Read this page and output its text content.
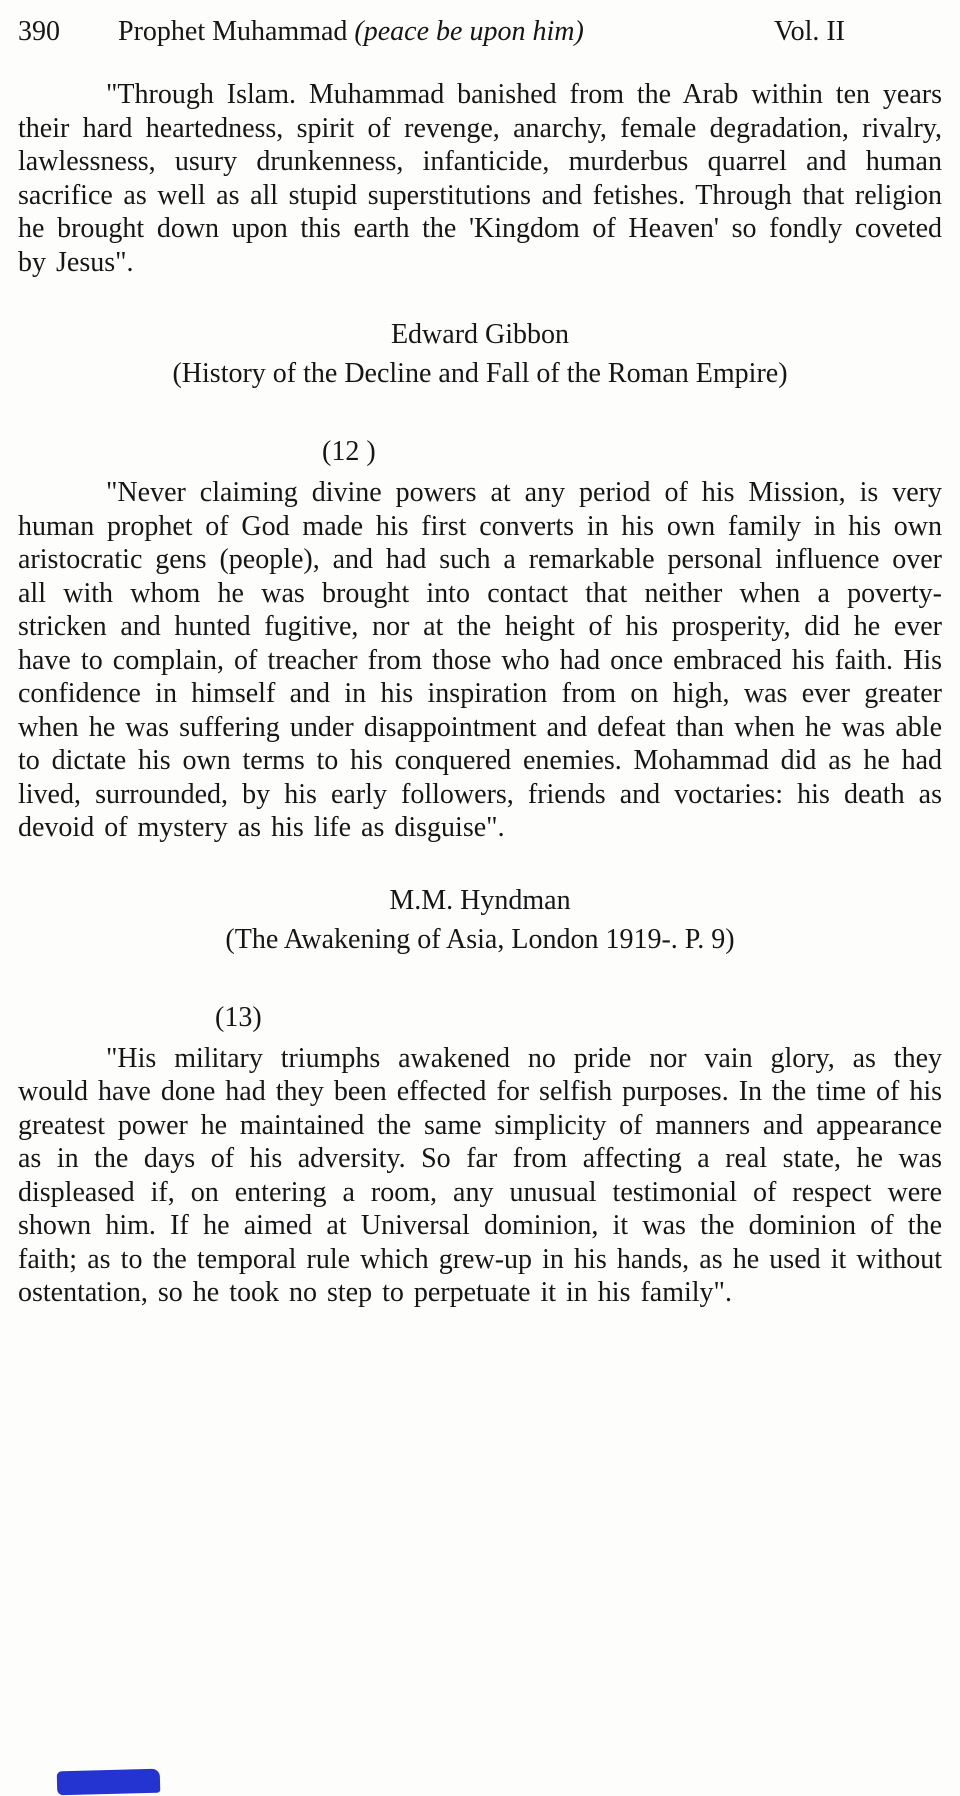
390	Prophet Muhammad (peace be upon him)	Vol. II

"Through Islam. Muhammad banished from the Arab within ten years their hard heartedness, spirit of revenge, anarchy, female degradation, rivalry, lawlessness, usury drunkenness, infanticide, murderbus quarrel and human sacrifice as well as all stupid superstitutions and fetishes. Through that religion he brought down upon this earth the 'Kingdom of Heaven' so fondly coveted by Jesus".

Edward Gibbon
(History of the Decline and Fall of the Roman Empire)
(12 )

"Never claiming divine powers at any period of his Mission, is very human prophet of God made his first converts in his own family in his own aristocratic gens (people), and had such a remarkable personal influence over all with whom he was brought into contact that neither when a poverty-stricken and hunted fugitive, nor at the height of his prosperity, did he ever have to complain, of treacher from those who had once embraced his faith. His confidence in himself and in his inspiration from on high, was ever greater when he was suffering under disappointment and defeat than when he was able to dictate his own terms to his conquered enemies. Mohammad did as he had lived, surrounded, by his early followers, friends and voctaries: his death as devoid of mystery as his life as disguise".

M.M. Hyndman
(The Awakening of Asia, London 1919-. P. 9)
(13)

"His military triumphs awakened no pride nor vain glory, as they would have done had they been effected for selfish purposes. In the time of his greatest power he maintained the same simplicity of manners and appearance as in the days of his adversity. So far from affecting a real state, he was displeased if, on entering a room, any unusual testimonial of respect were shown him. If he aimed at Universal dominion, it was the dominion of the faith; as to the temporal rule which grew-up in his hands, as he used it without ostentation, so he took no step to perpetuate it in his family".
